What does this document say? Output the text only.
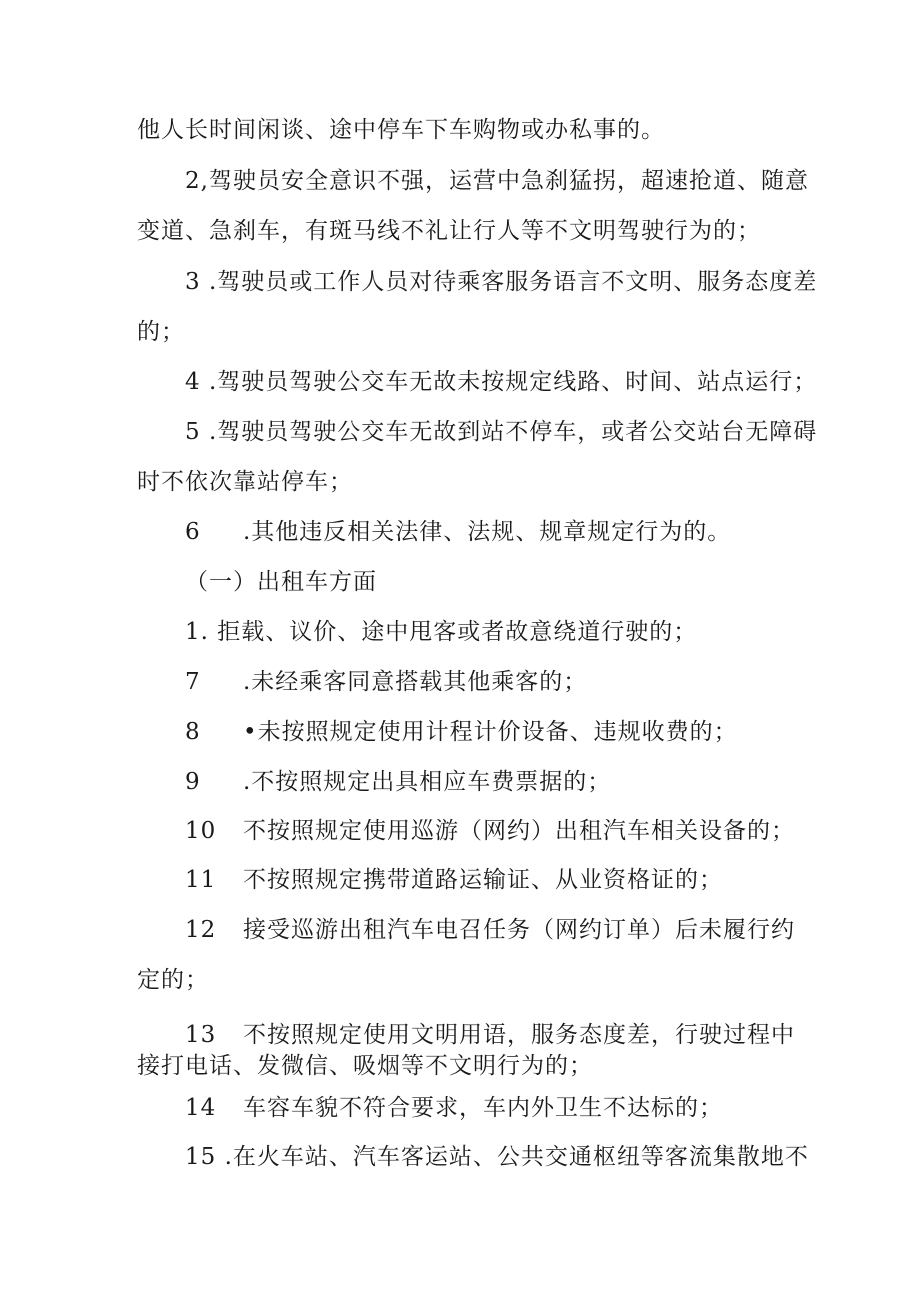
他人长时间闲谈、途中停车下车购物或办私事的。
2,驾驶员安全意识不强，运营中急刹猛拐，超速抢道、随意
变道、急刹车，有斑马线不礼让行人等不文明驾驶行为的；
3 .驾驶员或工作人员对待乘客服务语言不文明、服务态度差
的；
4 .驾驶员驾驶公交车无故未按规定线路、时间、站点运行；
5 .驾驶员驾驶公交车无故到站不停车，或者公交站台无障碍
时不依次靠站停车；
6 .其他违反相关法律、法规、规章规定行为的。
（一）出租车方面
1. 拒载、议价、途中甩客或者故意绕道行驶的；
7 .未经乘客同意搭载其他乘客的；
8 •未按照规定使用计程计价设备、违规收费的；
9 .不按照规定出具相应车费票据的；
10 不按照规定使用巡游（网约）出租汽车相关设备的；
11 不按照规定携带道路运输证、从业资格证的；
12 接受巡游出租汽车电召任务（网约订单）后未履行约
定的；
13 不按照规定使用文明用语，服务态度差，行驶过程中
接打电话、发微信、吸烟等不文明行为的；
14 车容车貌不符合要求，车内外卫生不达标的；
15 .在火车站、汽车客运站、公共交通枢纽等客流集散地不
